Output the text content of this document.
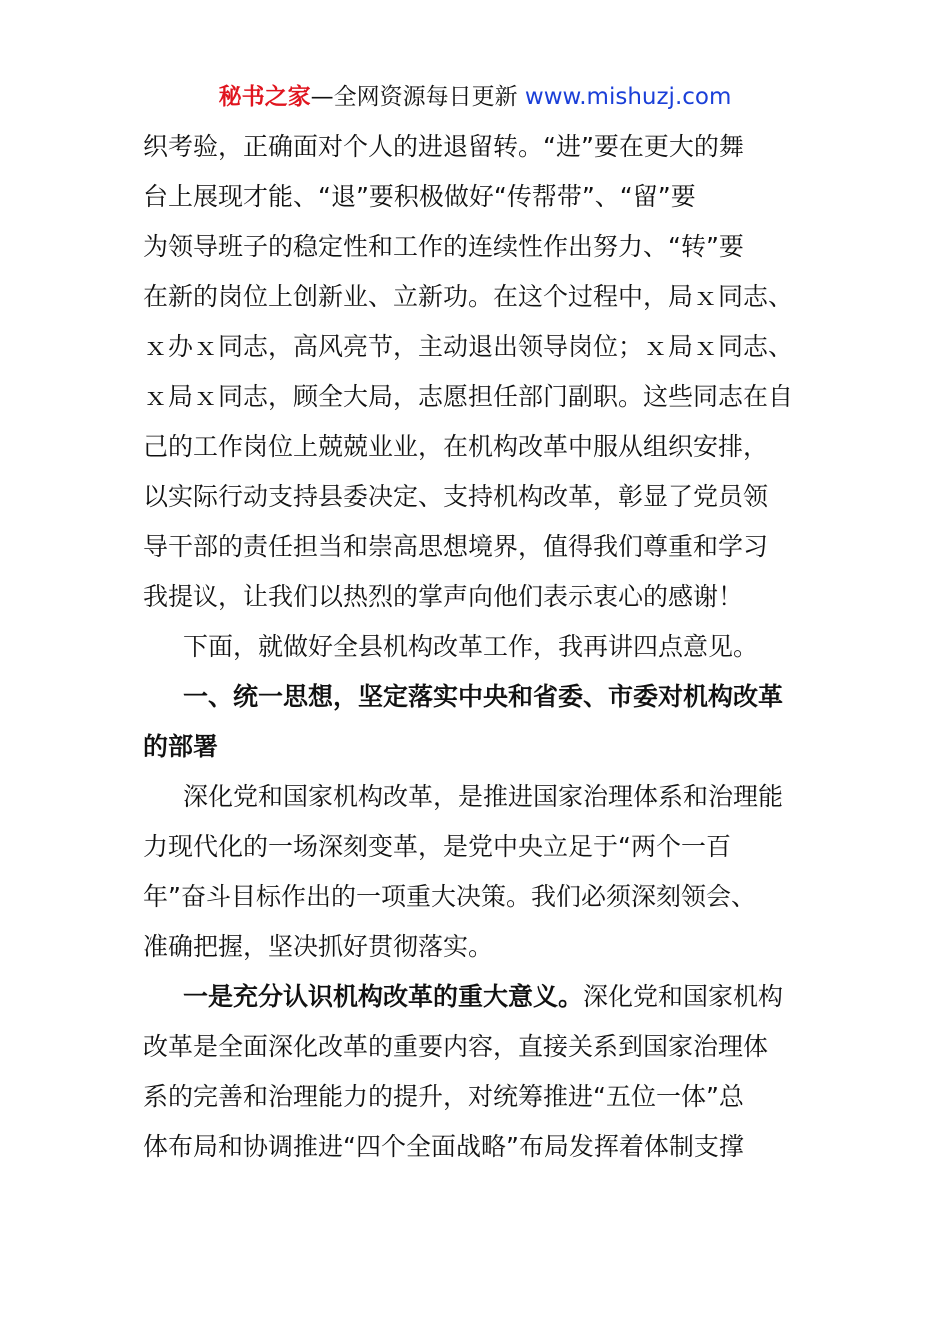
秘书之家—全网资源每日更新 www.mishuzj.com
织考验，正确面对个人的进退留转。“进”要在更大的舞
台上展现才能、“退”要积极做好“传帮带”、“留”要
为领导班子的稳定性和工作的连续性作出努力、“转”要
在新的岗位上创新业、立新功。在这个过程中，局ｘ同志、
ｘ办ｘ同志，高风亮节，主动退出领导岗位；ｘ局ｘ同志、
ｘ局ｘ同志，顾全大局，志愿担任部门副职。这些同志在自
己的工作岗位上兢兢业业，在机构改革中服从组织安排，
以实际行动支持县委决定、支持机构改革，彰显了党员领
导干部的责任担当和崇高思想境界，值得我们尊重和学习
我提议，让我们以热烈的掌声向他们表示衷心的感谢！
下面，就做好全县机构改革工作，我再讲四点意见。
一、统一思想，坚定落实中央和省委、市委对机构改革
的部署
深化党和国家机构改革，是推进国家治理体系和治理能
力现代化的一场深刻变革，是党中央立足于“两个一百
年”奋斗目标作出的一项重大决策。我们必须深刻领会、
准确把握，坚决抓好贯彻落实。
一是充分认识机构改革的重大意义。深化党和国家机构
改革是全面深化改革的重要内容，直接关系到国家治理体
系的完善和治理能力的提升，对统筹推进“五位一体”总
体布局和协调推进“四个全面战略”布局发挥着体制支撑
